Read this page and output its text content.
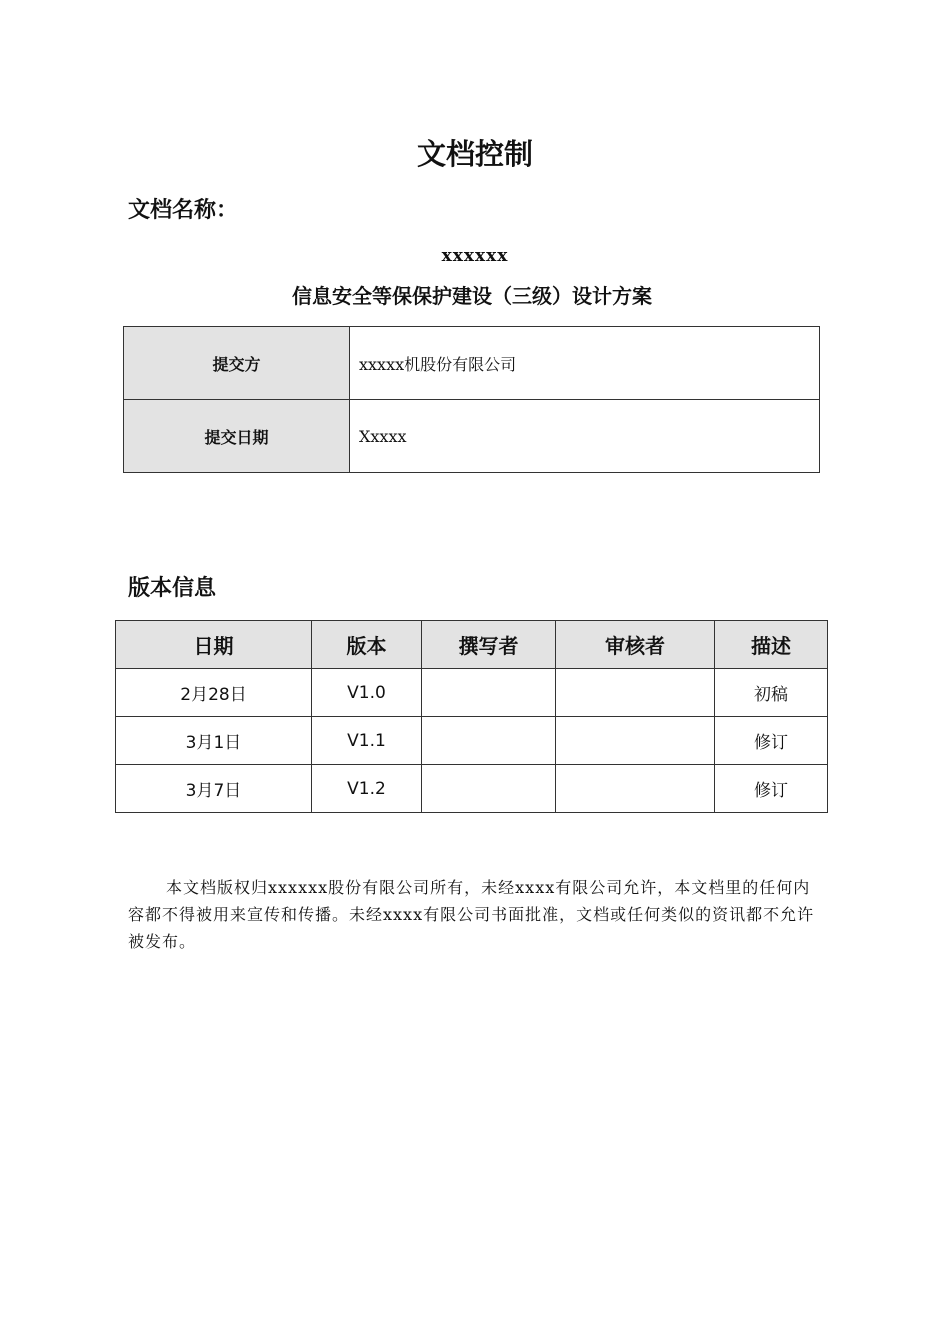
文档控制
文档名称：
xxxxxx
信息安全等保保护建设（三级）设计方案
提交方	xxxxx机股份有限公司
提交日期	Xxxxx
版本信息
日期	版本	撰写者	审核者	描述
2月28日	V1.0			初稿
3月1日	V1.1			修订
3月7日	V1.2			修订
本文档版权归xxxxxx股份有限公司所有，未经xxxx有限公司允许，本文档里的任何内容都不得被用来宣传和传播。未经xxxx有限公司书面批准，文档或任何类似的资讯都不允许被发布。
